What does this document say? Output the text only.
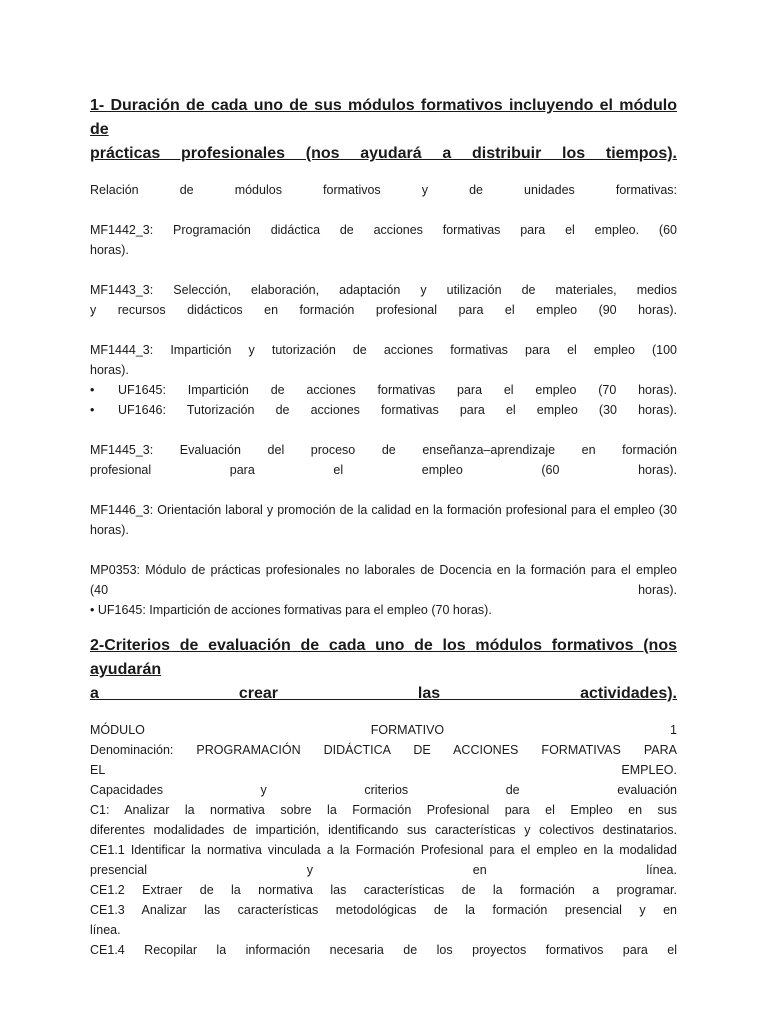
1- Duración de cada uno de sus módulos formativos incluyendo el módulo de
prácticas profesionales (nos ayudará a distribuir los tiempos).
Relación de módulos formativos y de unidades formativas:
MF1442_3: Programación didáctica de acciones formativas para el empleo. (60
horas).
MF1443_3: Selección, elaboración, adaptación y utilización de materiales, medios
y recursos didácticos en formación profesional para el empleo (90 horas).
MF1444_3: Impartición y tutorización de acciones formativas para el empleo (100
horas).
•	UF1645: Impartición de acciones formativas para el empleo (70 horas).
•	UF1646: Tutorización de acciones formativas para el empleo (30 horas).
MF1445_3: Evaluación del proceso de enseñanza–aprendizaje en formación
profesional para el empleo (60 horas).
MF1446_3: Orientación laboral y promoción de la calidad en la formación profesional para el empleo (30
horas).
MP0353: Módulo de prácticas profesionales no laborales de Docencia en la formación para el empleo
(40 horas).
• UF1645: Impartición de acciones formativas para el empleo (70 horas).
2-Criterios de evaluación de cada uno de los módulos formativos (nos ayudarán
a crear las actividades).
MÓDULO FORMATIVO 1
Denominación: PROGRAMACIÓN DIDÁCTICA DE ACCIONES FORMATIVAS PARA
EL EMPLEO.
Capacidades y criterios de evaluación
C1: Analizar la normativa sobre la Formación Profesional para el Empleo en sus
diferentes modalidades de impartición, identificando sus características y colectivos destinatarios.
CE1.1 Identificar la normativa vinculada a la Formación Profesional para el empleo en la modalidad
presencial y en línea.
CE1.2 Extraer de la normativa las características de la formación a programar.
CE1.3 Analizar las características metodológicas de la formación presencial y en
línea.
CE1.4 Recopilar la información necesaria de los proyectos formativos para el
